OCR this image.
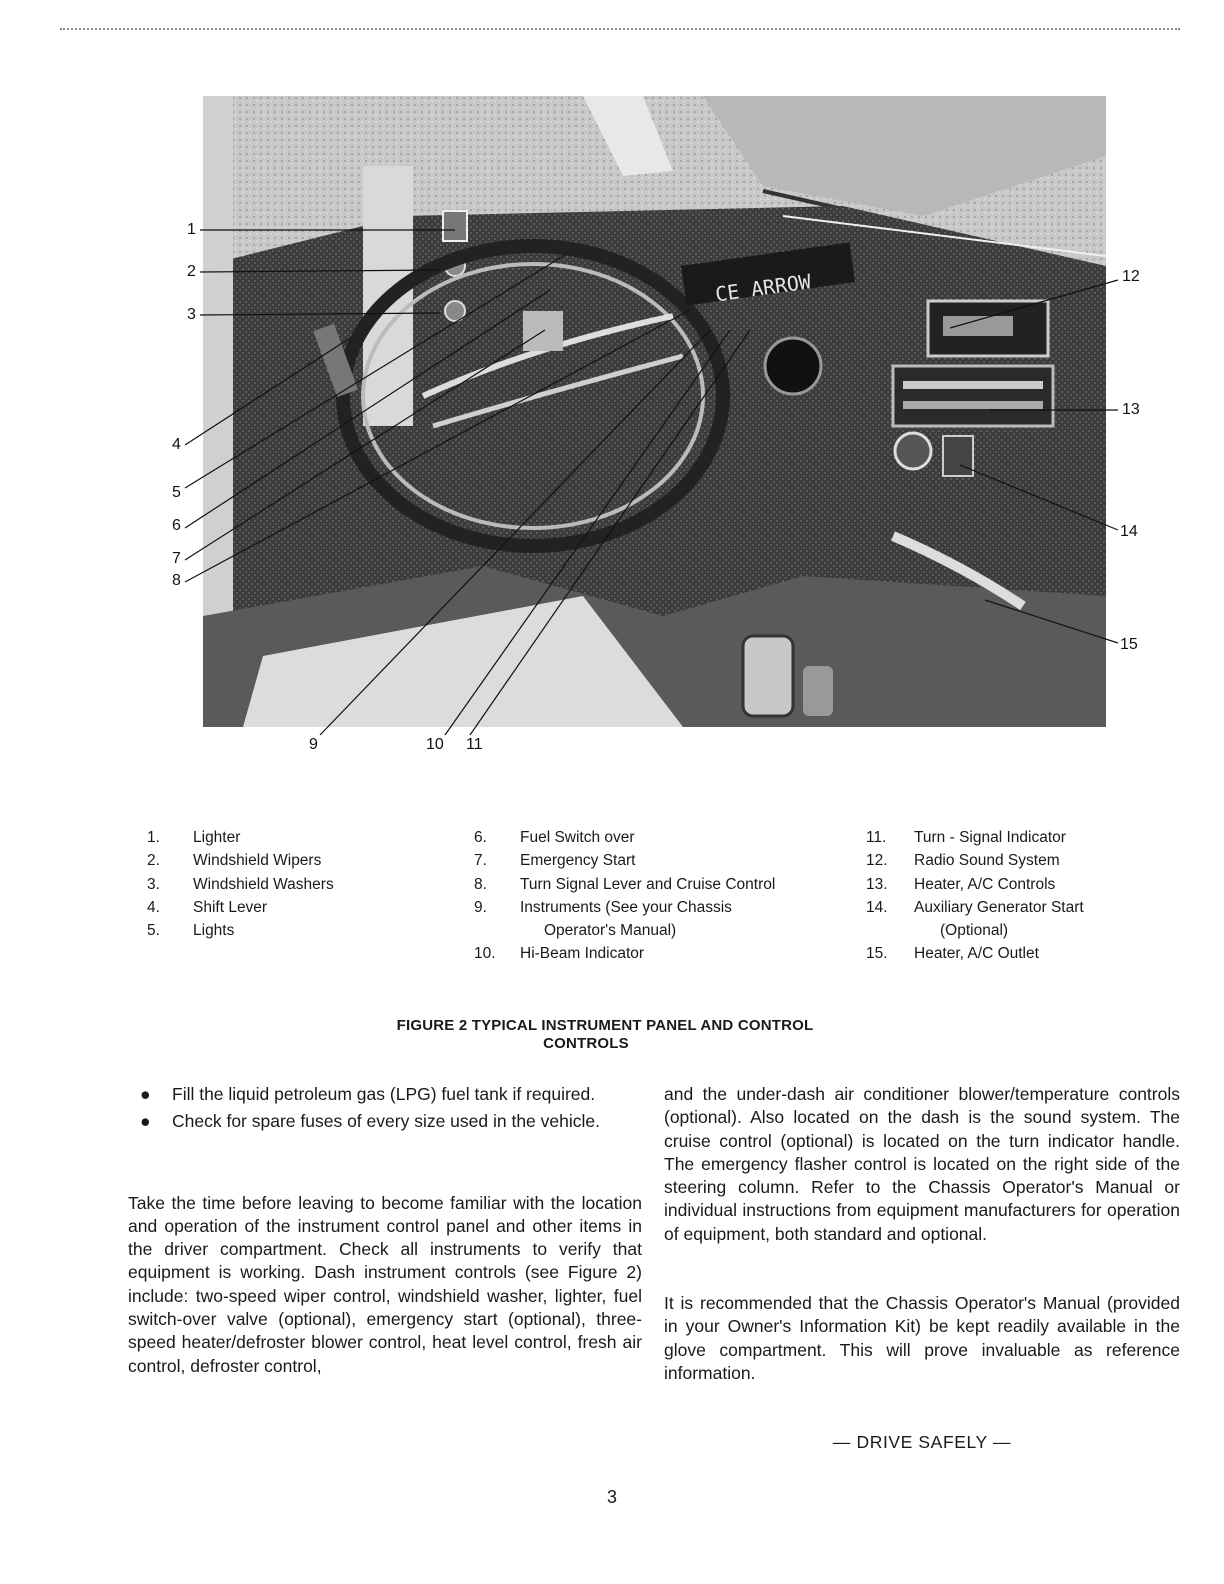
CE ARROW
1
2
3
4
5
6
7
8
9	10 11
12
13
14
15
1. Lighter
2. Windshield Wipers
3. Windshield Washers
4. Shift Lever
5. Lights
6. Fuel Switch over
7. Emergency Start
8. Turn Signal Lever and Cruise Control
9. Instruments (See your Chassis
Operator's Manual)
10. Hi-Beam Indicator
11. Turn - Signal Indicator
12. Radio Sound System
13. Heater, A/C Controls
14. Auxiliary Generator Start
(Optional)
15. Heater, A/C Outlet
FIGURE 2 TYPICAL INSTRUMENT PANEL AND CONTROL
CONTROLS
● Fill the liquid petroleum gas (LPG) fuel tank if required.
● Check for spare fuses of every size used in the vehicle.
Take the time before leaving to become familiar with the location and operation of the instrument control panel and other items in the driver compartment. Check all instruments to verify that equipment is working. Dash instrument controls (see Figure 2) include: two-speed wiper control, windshield washer, lighter, fuel switch-over valve (optional), emergency start (optional), three-speed heater/defroster blower control, heat level control, fresh air control, defroster control,
and the under-dash air conditioner blower/temperature controls (optional). Also located on the dash is the sound system. The cruise control (optional) is located on the turn indicator handle. The emergency flasher control is located on the right side of the steering column. Refer to the Chassis Operator's Manual or individual instructions from equipment manufacturers for operation of equipment, both standard and optional.
It is recommended that the Chassis Operator's Manual (provided in your Owner's Information Kit) be kept readily available in the glove compartment. This will prove invaluable as reference information.
— DRIVE SAFELY —
3
